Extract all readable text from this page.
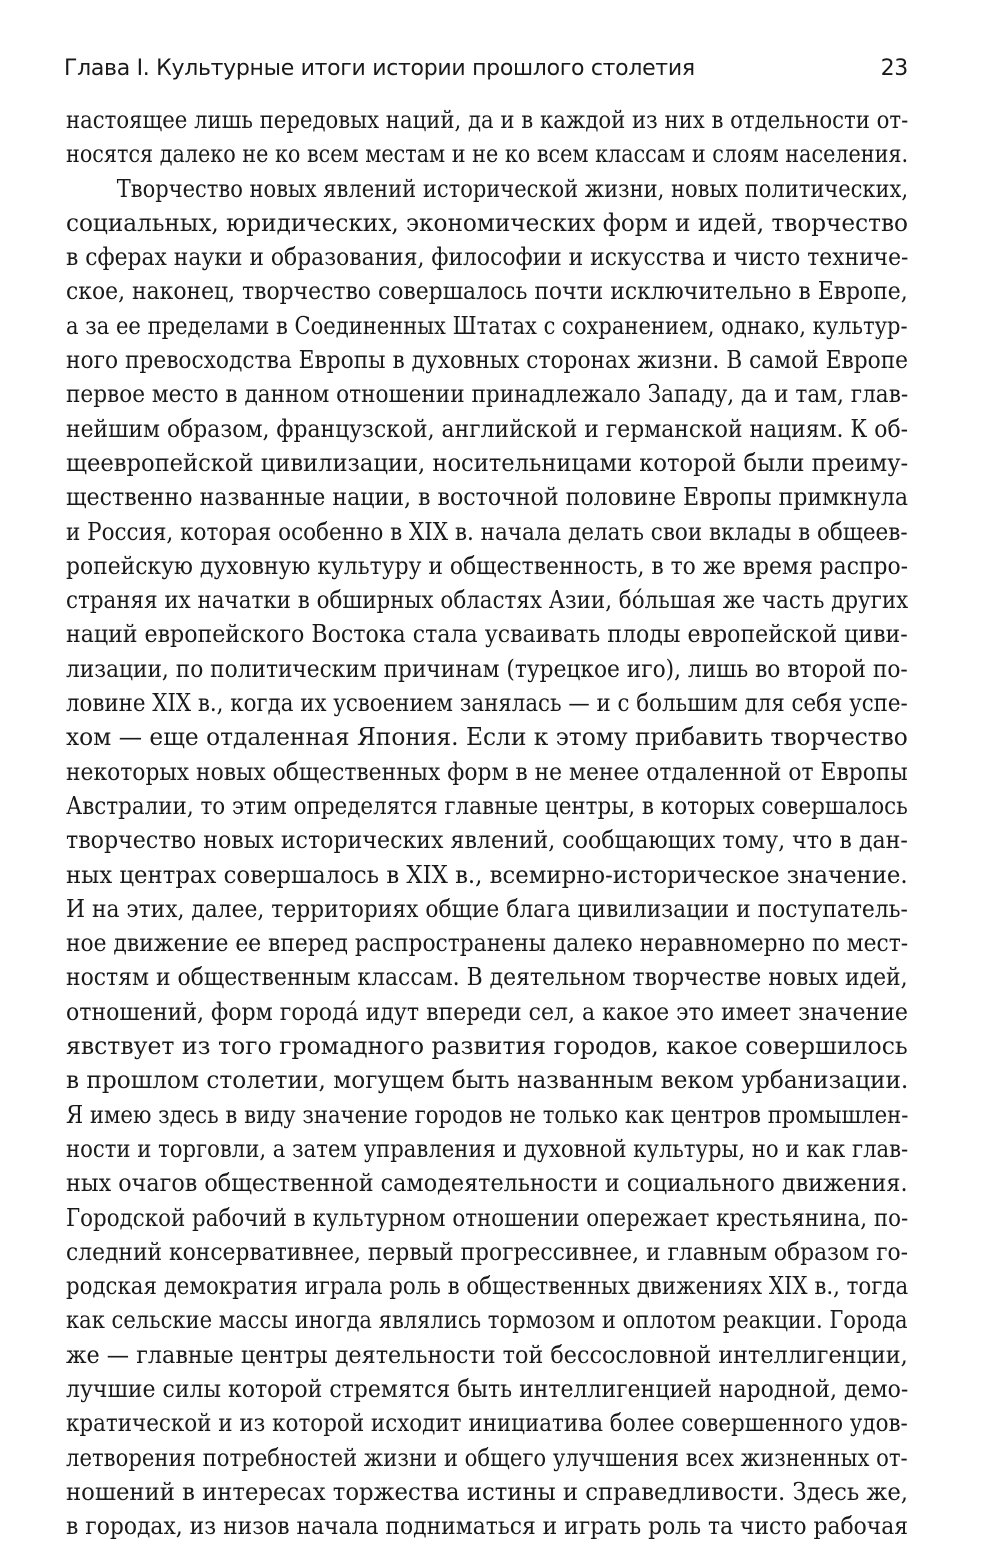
Глава I. Культурные итоги истории прошлого столетия	23
настоящее лишь передовых наций, да и в каждой из них в отдельности от-
носятся далеко не ко всем местам и не ко всем классам и слоям населения.
Творчество новых явлений исторической жизни, новых политических,
социальных, юридических, экономических форм и идей, творчество
в сферах науки и образования, философии и искусства и чисто техниче-
ское, наконец, творчество совершалось почти исключительно в Европе,
а за ее пределами в Соединенных Штатах с сохранением, однако, культур-
ного превосходства Европы в духовных сторонах жизни. В самой Европе
первое место в данном отношении принадлежало Западу, да и там, глав-
нейшим образом, французской, английской и германской нациям. К об-
щеевропейской цивилизации, носительницами которой были преиму-
щественно названные нации, в восточной половине Европы примкнула
и Россия, которая особенно в XIX в. начала делать свои вклады в общеев-
ропейскую духовную культуру и общественность, в то же время распро-
страняя их начатки в обширных областях Азии, бóльшая же часть других
наций европейского Востока стала усваивать плоды европейской циви-
лизации, по политическим причинам (турецкое иго), лишь во второй по-
ловине XIX в., когда их усвоением занялась — и с большим для себя успе-
хом — еще отдаленная Япония. Если к этому прибавить творчество
некоторых новых общественных форм в не менее отдаленной от Европы
Австралии, то этим определятся главные центры, в которых совершалось
творчество новых исторических явлений, сообщающих тому, что в дан-
ных центрах совершалось в XIX в., всемирно-историческое значение.
И на этих, далее, территориях общие блага цивилизации и поступатель-
ное движение ее вперед распространены далеко неравномерно по мест-
ностям и общественным классам. В деятельном творчестве новых идей,
отношений, форм городá идут впереди сел, а какое это имеет значение
явствует из того громадного развития городов, какое совершилось
в прошлом столетии, могущем быть названным веком урбанизации.
Я имею здесь в виду значение городов не только как центров промышлен-
ности и торговли, а затем управления и духовной культуры, но и как глав-
ных очагов общественной самодеятельности и социального движения.
Городской рабочий в культурном отношении опережает крестьянина, по-
следний консервативнее, первый прогрессивнее, и главным образом го-
родская демократия играла роль в общественных движениях XIX в., тогда
как сельские массы иногда являлись тормозом и оплотом реакции. Города
же — главные центры деятельности той бессословной интеллигенции,
лучшие силы которой стремятся быть интеллигенцией народной, демо-
кратической и из которой исходит инициатива более совершенного удов-
летворения потребностей жизни и общего улучшения всех жизненных от-
ношений в интересах торжества истины и справедливости. Здесь же,
в городах, из низов начала подниматься и играть роль та чисто рабочая
